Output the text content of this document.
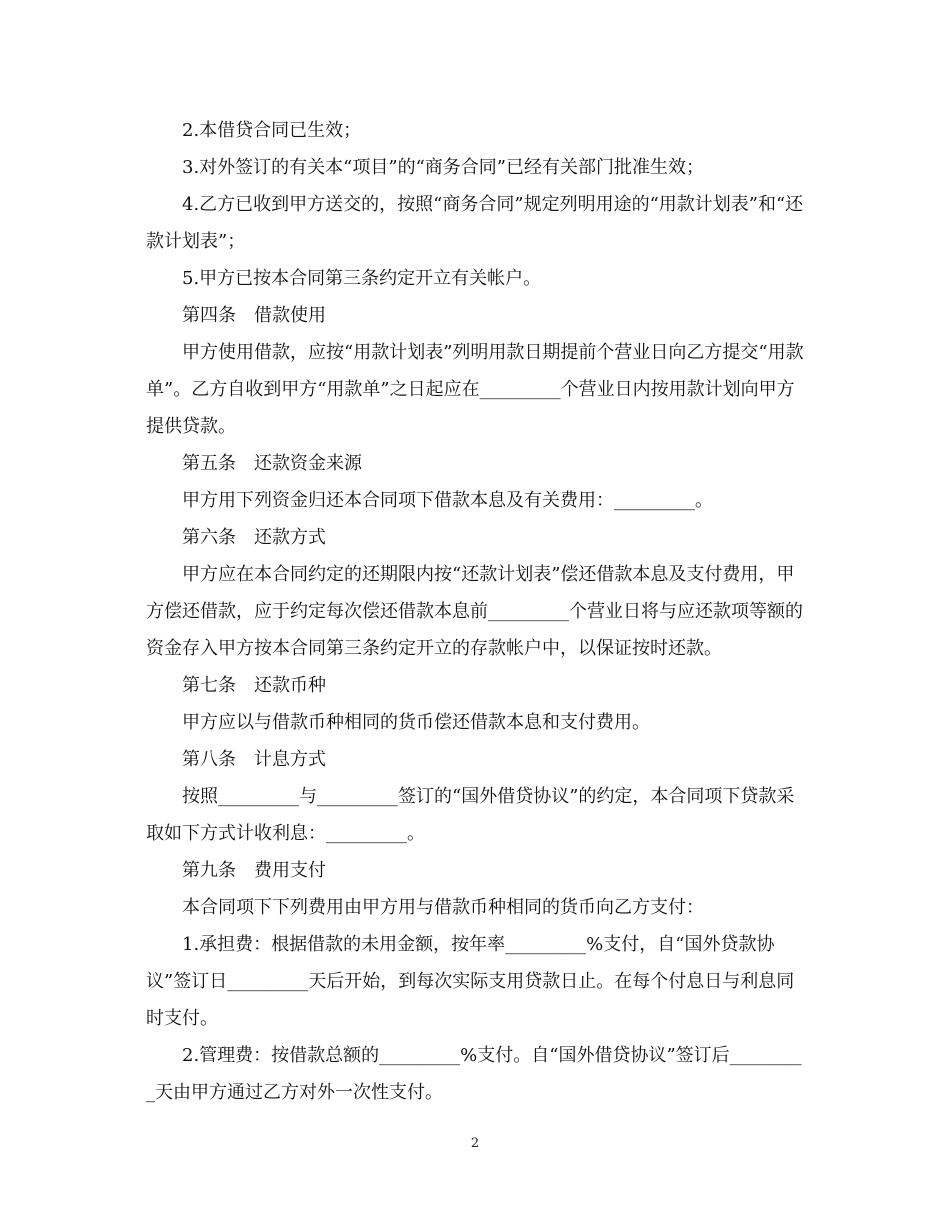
2.本借贷合同已生效；

3.对外签订的有关本“项目”的“商务合同”已经有关部门批准生效；

4.乙方已收到甲方送交的，按照“商务合同”规定列明用途的“用款计划表”和“还款计划表”；

5.甲方已按本合同第三条约定开立有关帐户。

第四条　借款使用

甲方使用借款，应按“用款计划表”列明用款日期提前个营业日向乙方提交“用款单”。乙方自收到甲方“用款单”之日起应在_________个营业日内按用款计划向甲方提供贷款。

第五条　还款资金来源

甲方用下列资金归还本合同项下借款本息及有关费用：_________。

第六条　还款方式

甲方应在本合同约定的还期限内按“还款计划表”偿还借款本息及支付费用，甲方偿还借款，应于约定每次偿还借款本息前_________个营业日将与应还款项等额的资金存入甲方按本合同第三条约定开立的存款帐户中，以保证按时还款。

第七条　还款币种

甲方应以与借款币种相同的货币偿还借款本息和支付费用。

第八条　计息方式

按照_________与_________签订的“国外借贷协议”的约定，本合同项下贷款采取如下方式计收利息：_________。

第九条　费用支付

本合同项下下列费用由甲方用与借款币种相同的货币向乙方支付：

1.承担费：根据借款的未用金额，按年率_________%支付，自“国外贷款协议”签订日_________天后开始，到每次实际支用贷款日止。在每个付息日与利息同时支付。

2.管理费：按借款总额的_________%支付。自“国外借贷协议”签订后_________天由甲方通过乙方对外一次性支付。

2
